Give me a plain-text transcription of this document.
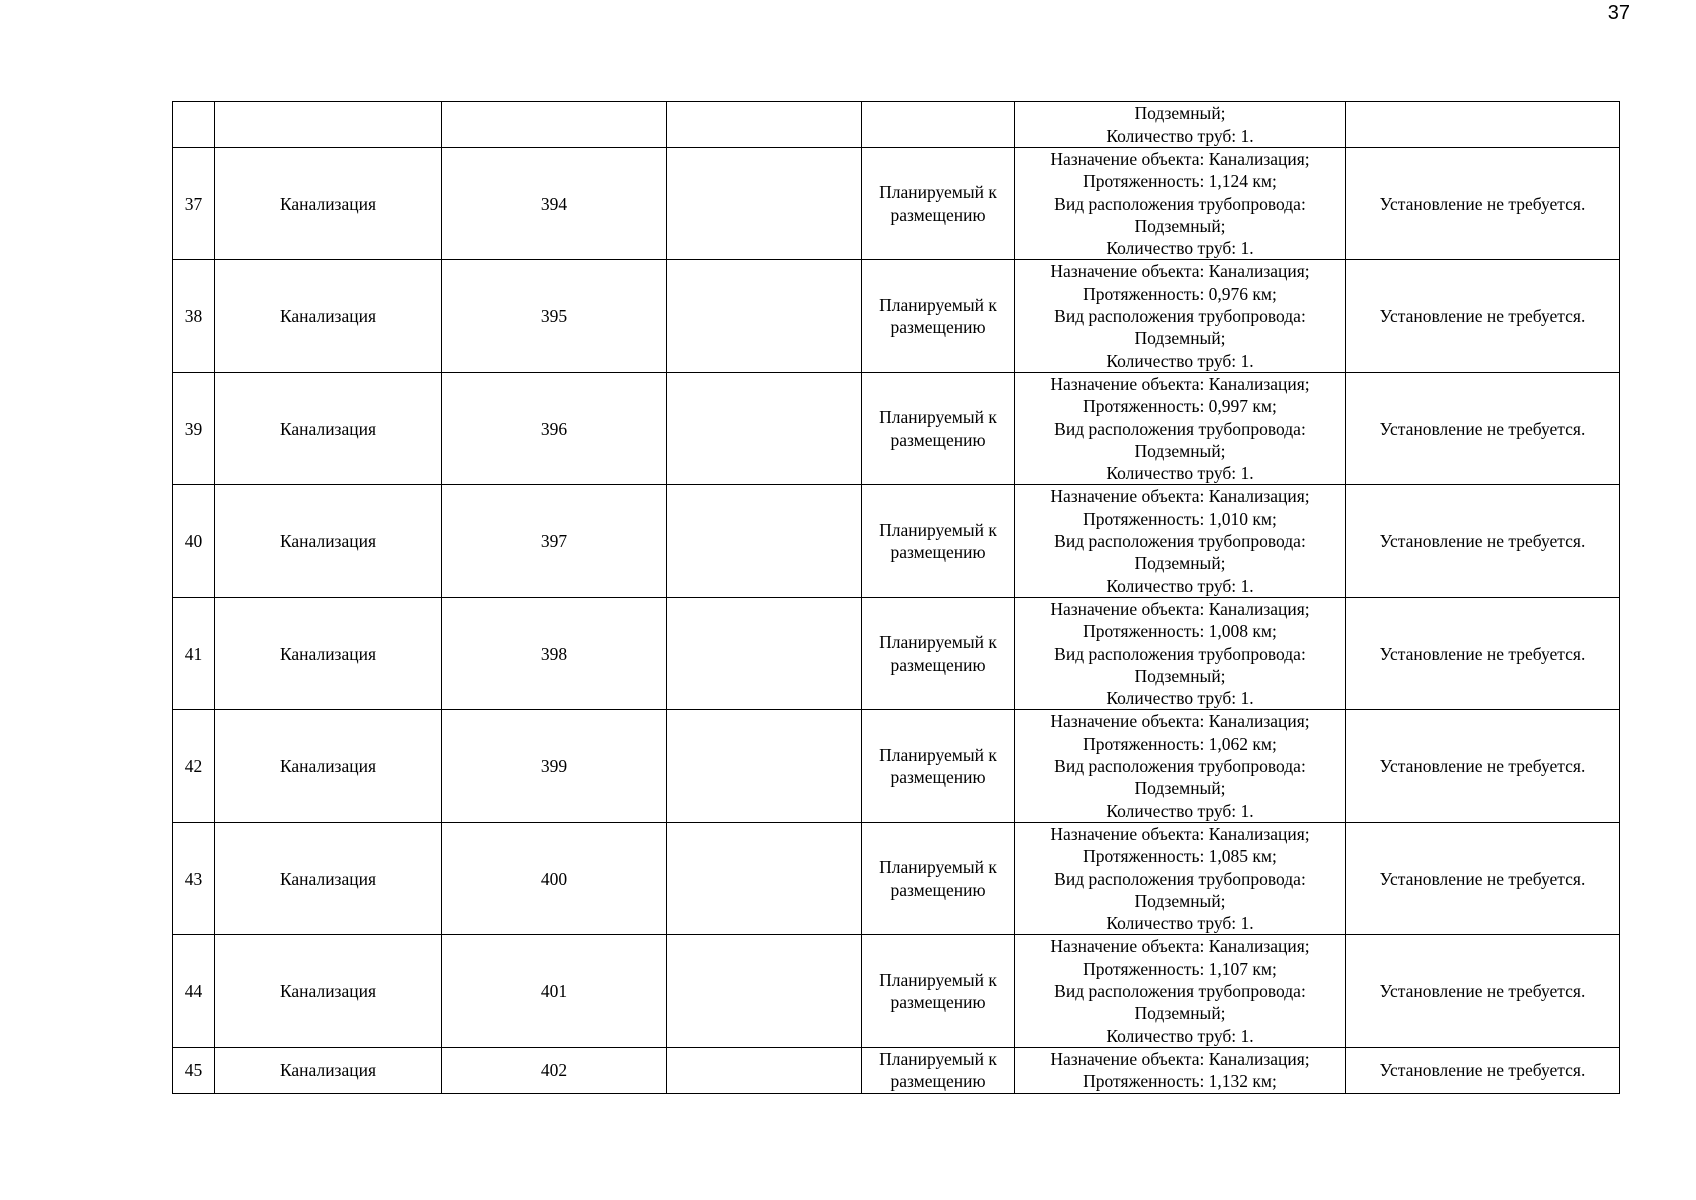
37

					Подземный;
Количество труб: 1.	

37	Канализация	394		Планируемый к
размещению	Назначение объекта: Канализация;
Протяженность: 1,124 км;
Вид расположения трубопровода:
Подземный;
Количество труб: 1.	Установление не требуется.
38	Канализация	395		Планируемый к
размещению	Назначение объекта: Канализация;
Протяженность: 0,976 км;
Вид расположения трубопровода:
Подземный;
Количество труб: 1.	Установление не требуется.
39	Канализация	396		Планируемый к
размещению	Назначение объекта: Канализация;
Протяженность: 0,997 км;
Вид расположения трубопровода:
Подземный;
Количество труб: 1.	Установление не требуется.
40	Канализация	397		Планируемый к
размещению	Назначение объекта: Канализация;
Протяженность: 1,010 км;
Вид расположения трубопровода:
Подземный;
Количество труб: 1.	Установление не требуется.
41	Канализация	398		Планируемый к
размещению	Назначение объекта: Канализация;
Протяженность: 1,008 км;
Вид расположения трубопровода:
Подземный;
Количество труб: 1.	Установление не требуется.
42	Канализация	399		Планируемый к
размещению	Назначение объекта: Канализация;
Протяженность: 1,062 км;
Вид расположения трубопровода:
Подземный;
Количество труб: 1.	Установление не требуется.
43	Канализация	400		Планируемый к
размещению	Назначение объекта: Канализация;
Протяженность: 1,085 км;
Вид расположения трубопровода:
Подземный;
Количество труб: 1.	Установление не требуется.
44	Канализация	401		Планируемый к
размещению	Назначение объекта: Канализация;
Протяженность: 1,107 км;
Вид расположения трубопровода:
Подземный;
Количество труб: 1.	Установление не требуется.
45	Канализация	402		Планируемый к
размещению	Назначение объекта: Канализация;
Протяженность: 1,132 км;	Установление не требуется.
